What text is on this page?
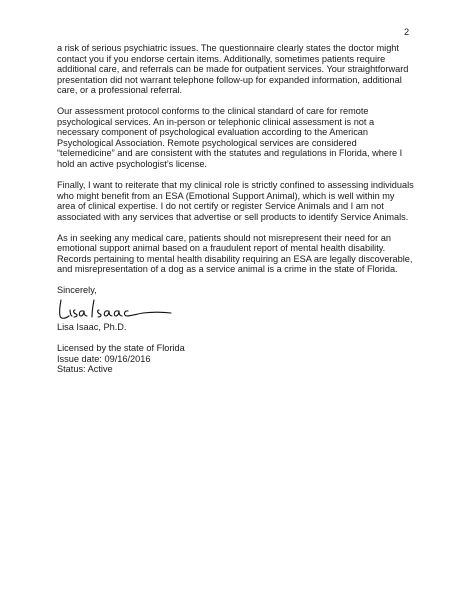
2

a risk of serious psychiatric issues. The questionnaire clearly states the doctor might
contact you if you endorse certain items. Additionally, sometimes patients require
additional care, and referrals can be made for outpatient services. Your straightforward
presentation did not warrant telephone follow-up for expanded information, additional
care, or a professional referral.

Our assessment protocol conforms to the clinical standard of care for remote
psychological services. An in-person or telephonic clinical assessment is not a
necessary component of psychological evaluation according to the American
Psychological Association. Remote psychological services are considered
“telemedicine” and are consistent with the statutes and regulations in Florida, where I
hold an active psychologist’s license.

Finally, I want to reiterate that my clinical role is strictly confined to assessing individuals
who might benefit from an ESA (Emotional Support Animal), which is well within my
area of clinical expertise. I do not certify or register Service Animals and I am not
associated with any services that advertise or sell products to identify Service Animals.

As in seeking any medical care, patients should not misrepresent their need for an
emotional support animal based on a fraudulent report of mental health disability.
Records pertaining to mental health disability requiring an ESA are legally discoverable,
and misrepresentation of a dog as a service animal is a crime in the state of Florida.

Sincerely,

Lisa Isaac, Ph.D.

Licensed by the state of Florida
Issue date: 09/16/2016
Status: Active
